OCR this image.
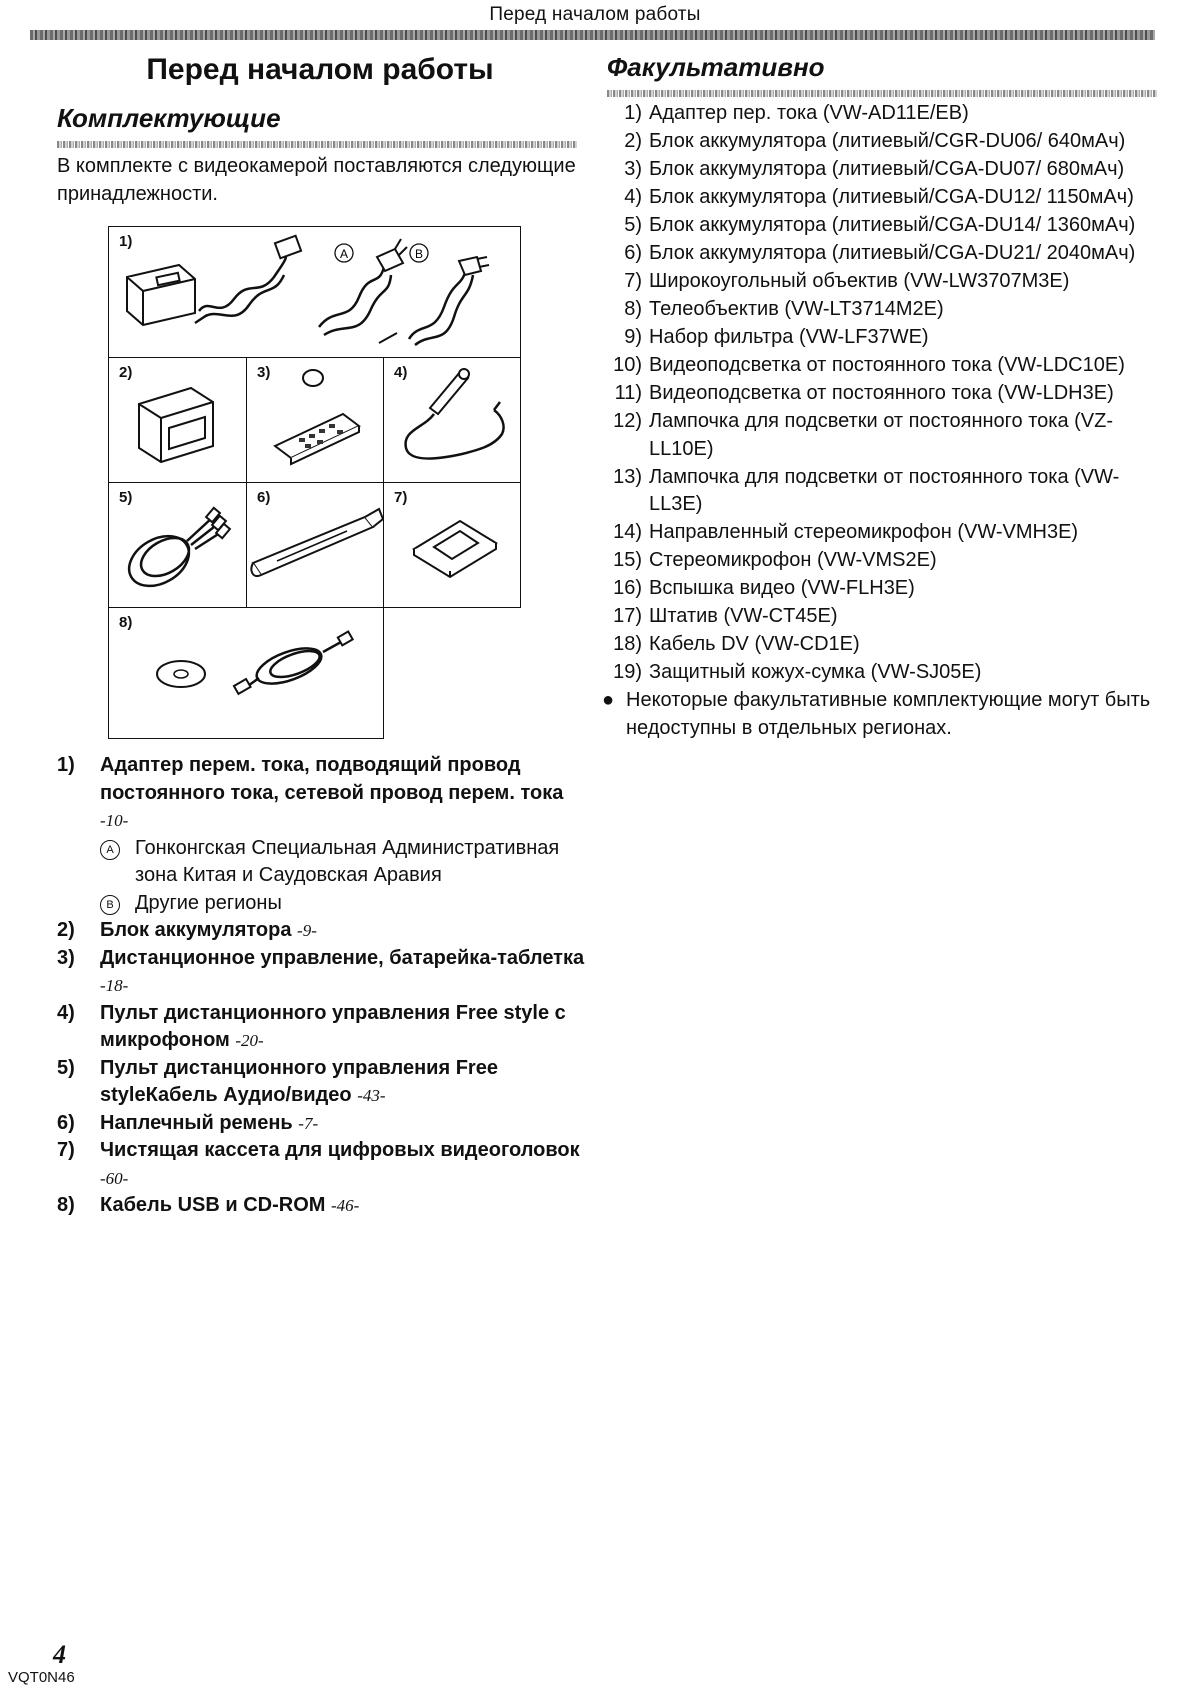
Перед началом работы
Перед началом работы
Комплектующие

В комплекте с видеокамерой поставляются следующие принадлежности.

1)
A	B
2)	3)	4)
5)	6)	7)
8)
1) Адаптер перем. тока, подводящий провод постоянного тока, сетевой провод перем. тока -10-
A	Гонконгская Специальная Административная зона Китая и Саудовская Аравия
B	Другие регионы
2) Блок аккумулятора -9-
3) Дистанционное управление, батарейка-таблетка -18-
4) Пульт дистанционного управления Free style с микрофоном -20-
5) Пульт дистанционного управления Free styleКабель Аудио/видео -43-
6) Наплечный ремень -7-
7) Чистящая кассета для цифровых видеоголовок -60-
8) Кабель USB и CD-ROM -46-
Факультативно
1) Адаптер пер. тока (VW-AD11E/EB)
2) Блок аккумулятора (литиевый/CGR-DU06/ 640мАч)
3) Блок аккумулятора (литиевый/CGA-DU07/ 680мАч)
4) Блок аккумулятора (литиевый/CGA-DU12/ 1150мАч)
5) Блок аккумулятора (литиевый/CGA-DU14/ 1360мАч)
6) Блок аккумулятора (литиевый/CGA-DU21/ 2040мАч)
7) Широкоугольный объектив (VW-LW3707M3E)
8) Телеобъектив (VW-LT3714M2E)
9) Набор фильтра (VW-LF37WE)
10) Видеоподсветка от постоянного тока (VW-LDC10E)
11) Видеоподсветка от постоянного тока (VW-LDH3E)
12) Лампочка для подсветки от постоянного тока (VZ-LL10E)
13) Лампочка для подсветки от постоянного тока (VW-LL3E)
14) Направленный стереомикрофон (VW-VMH3E)
15) Стереомикрофон (VW-VMS2E)
16) Вспышка видео (VW-FLH3E)
17) Штатив (VW-CT45E)
18) Кабель DV (VW-CD1E)
19) Защитный кожух-сумка (VW-SJ05E)
● Некоторые факультативные комплектующие могут быть недоступны в отдельных регионах.
4
VQT0N46
